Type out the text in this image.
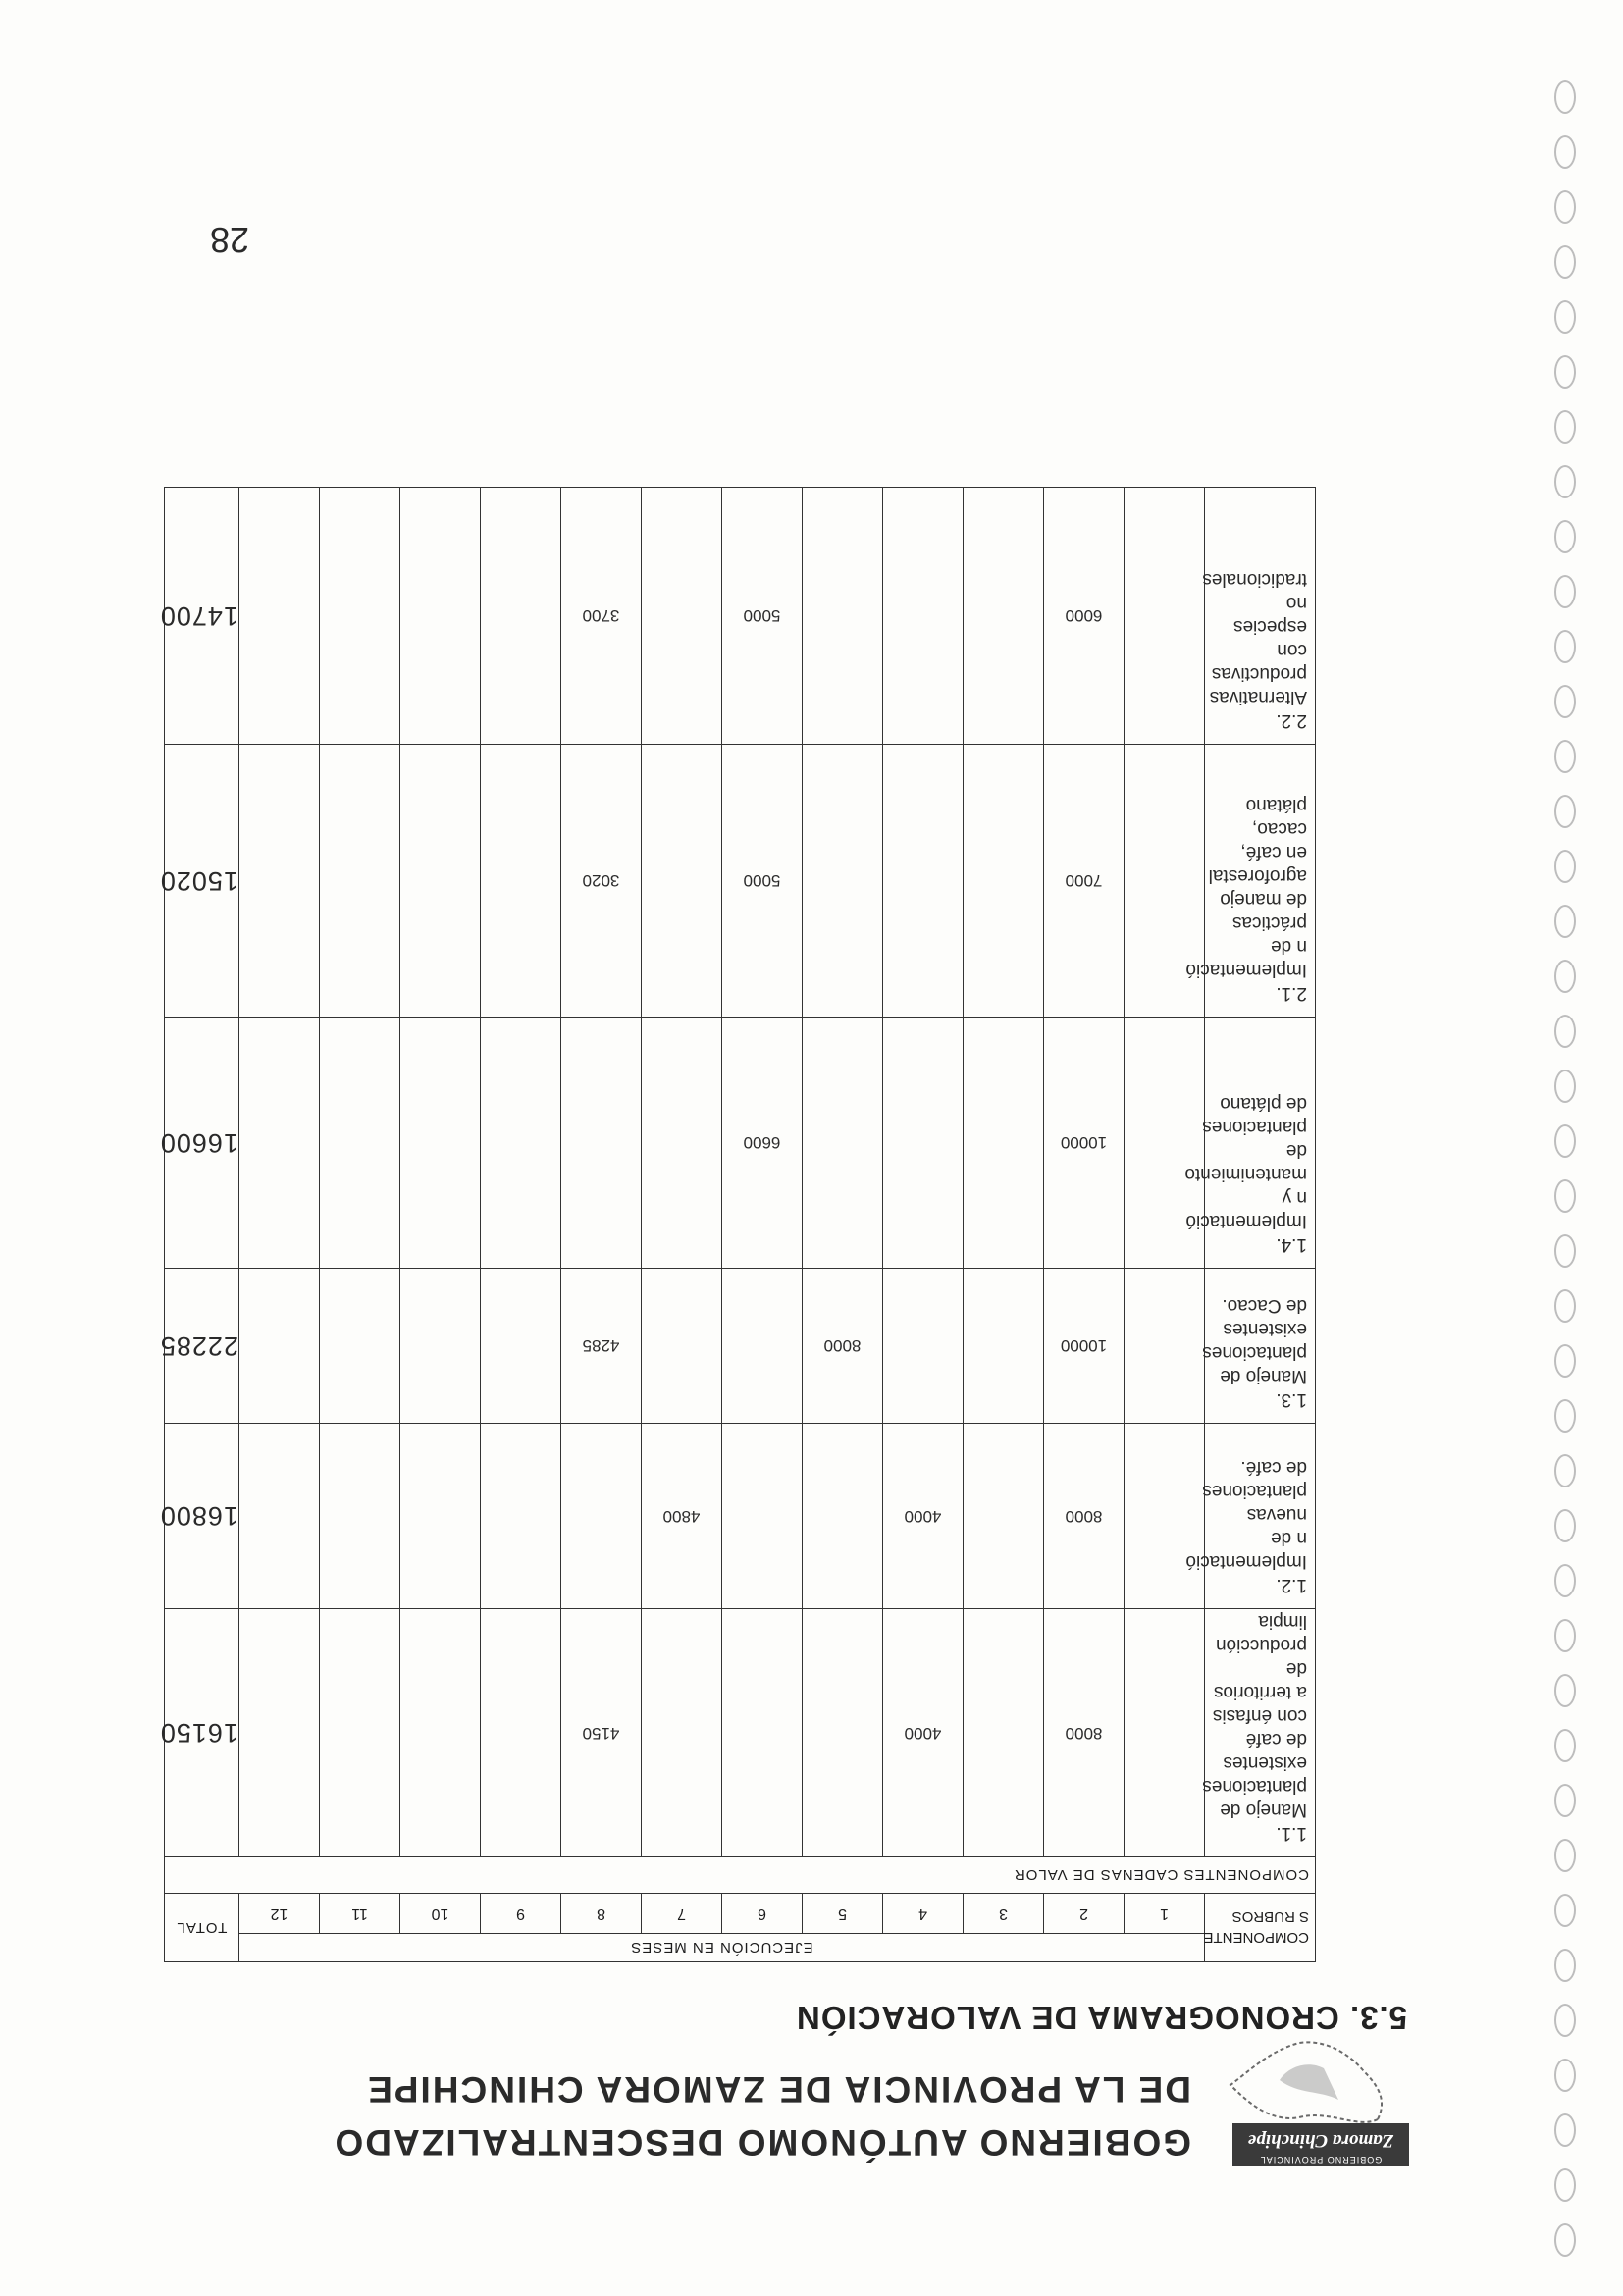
GOBIERNO PROVINCIAL
Zamora Chinchipe
GOBIERNO AUTÓNOMO DESCENTRALIZADO
DE LA PROVINCIA DE ZAMORA CHINCHIPE
5.3. CRONOGRAMA DE VALORACIÓN
COMPONENTE S RUBROS	EJECUCIÓN EN MESES												TOTAL
	1	2	3	4	5	6	7	8	9	10	11	12	
COMPONENTES CADENAS DE VALOR													
1.1. Manejo de plantaciones existentes de café con énfasis a territorios de producción limpia		8000		4000				4150					16150
1.2. Implementació n de nuevas plantaciones de café.		8000		4000			4800						16800
1.3. Manejo de plantaciones existentes de Cacao.		10000			8000			4285					22285
1.4. Implementació n y mantenimiento de plantaciones de plátano		10000				6600							16600
2.1. Implementació n de prácticas de manejo agroforestal en café, cacao, plátano		7000				5000		3020					15020
2.2. Alternativas productivas con especies no tradicionales		6000				5000		3700					14700
28
